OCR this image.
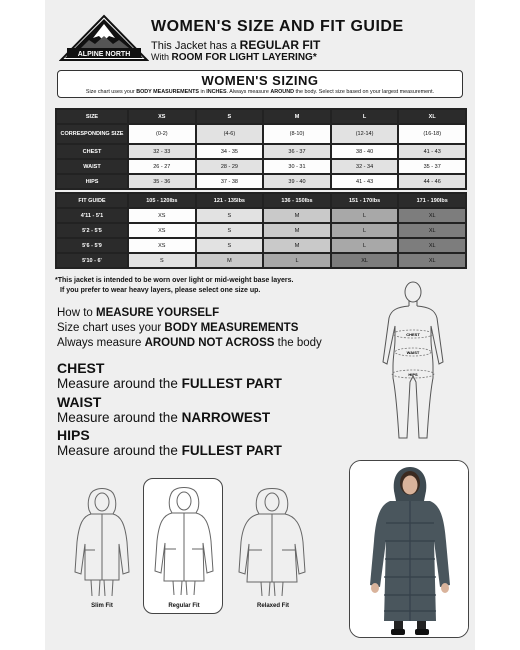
ALPINE NORTH
WOMEN'S SIZE AND FIT GUIDE
This Jacket has a REGULAR FIT
With ROOM FOR LIGHT LAYERING*
WOMEN'S SIZING
Size chart uses your BODY MEASUREMENTS in INCHES. Always measure AROUND the body. Select size based on your largest measurement.
SIZE	XS	S	M	L	XL
CORRESPONDING SIZE	(0-2)	(4-6)	(8-10)	(12-14)	(16-18)
CHEST	32 - 33	34 - 35	36 - 37	38 - 40	41 - 43
WAIST	26 - 27	28 - 29	30 - 31	32 - 34	35 - 37
HIPS	35 - 36	37 - 38	39 - 40	41 - 43	44 - 46
FIT GUIDE	105 - 120lbs	121 - 135lbs	136 - 150lbs	151 - 170lbs	171 - 190lbs
4'11 - 5'1	XS	S	M	L	XL
5'2 - 5'5	XS	S	M	L	XL
5'6 - 5'9	XS	S	M	L	XL
5'10 - 6'	S	M	L	XL	XL
*This jacket is intended to be worn over light or mid-weight base layers.
If you prefer to wear heavy layers, please select one size up.
How to MEASURE YOURSELF
Size chart uses your BODY MEASUREMENTS
Always measure AROUND NOT ACROSS the body
CHEST
Measure around the FULLEST PART
WAIST
Measure around the NARROWEST
HIPS
Measure around the FULLEST PART
CHEST
WAIST
HIPS
Slim Fit	Regular Fit	Relaxed Fit
